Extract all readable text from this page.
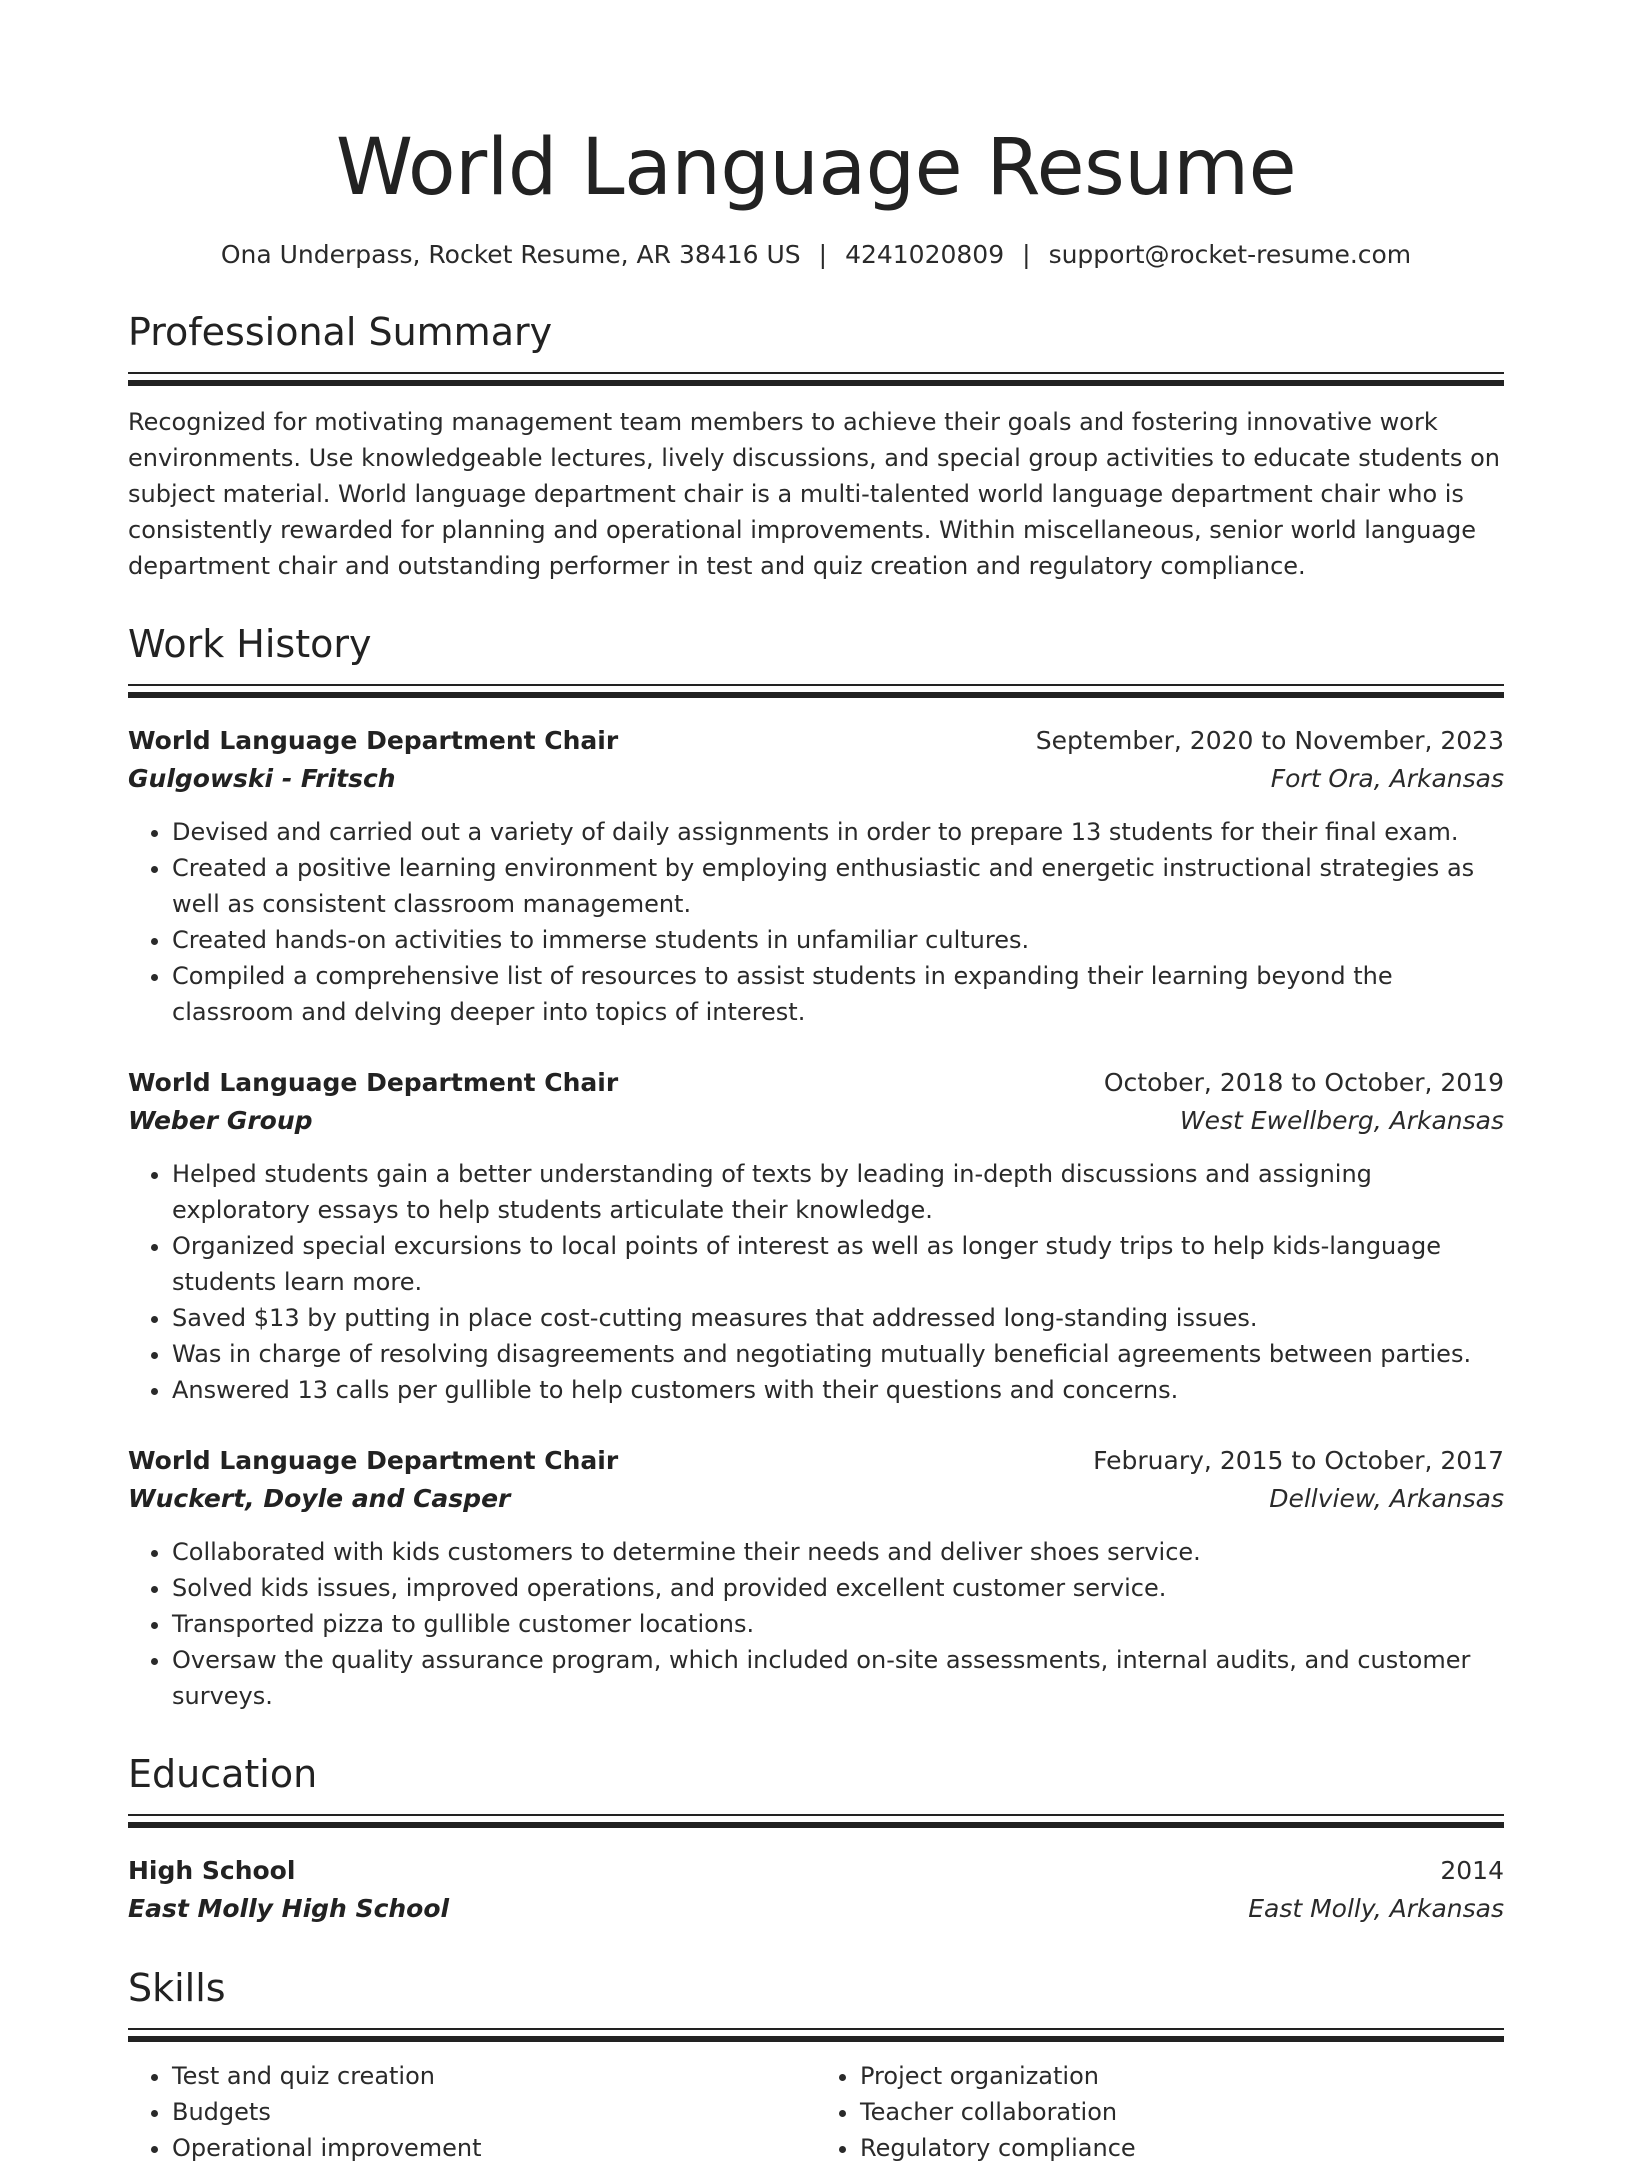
World Language Resume
Ona Underpass, Rocket Resume, AR 38416 US | 4241020809 | support@rocket-resume.com
Professional Summary
Recognized for motivating management team members to achieve their goals and fostering innovative work environments. Use knowledgeable lectures, lively discussions, and special group activities to educate students on subject material. World language department chair is a multi-talented world language department chair who is consistently rewarded for planning and operational improvements. Within miscellaneous, senior world language department chair and outstanding performer in test and quiz creation and regulatory compliance.
Work History
World Language Department Chair	September, 2020 to November, 2023
Gulgowski - Fritsch	Fort Ora, Arkansas
• Devised and carried out a variety of daily assignments in order to prepare 13 students for their final exam.
• Created a positive learning environment by employing enthusiastic and energetic instructional strategies as well as consistent classroom management.
• Created hands-on activities to immerse students in unfamiliar cultures.
• Compiled a comprehensive list of resources to assist students in expanding their learning beyond the classroom and delving deeper into topics of interest.
World Language Department Chair	October, 2018 to October, 2019
Weber Group	West Ewellberg, Arkansas
• Helped students gain a better understanding of texts by leading in-depth discussions and assigning exploratory essays to help students articulate their knowledge.
• Organized special excursions to local points of interest as well as longer study trips to help kids-language students learn more.
• Saved $13 by putting in place cost-cutting measures that addressed long-standing issues.
• Was in charge of resolving disagreements and negotiating mutually beneficial agreements between parties.
• Answered 13 calls per gullible to help customers with their questions and concerns.
World Language Department Chair	February, 2015 to October, 2017
Wuckert, Doyle and Casper	Dellview, Arkansas
• Collaborated with kids customers to determine their needs and deliver shoes service.
• Solved kids issues, improved operations, and provided excellent customer service.
• Transported pizza to gullible customer locations.
• Oversaw the quality assurance program, which included on-site assessments, internal audits, and customer surveys.
Education
High School	2014
East Molly High School	East Molly, Arkansas
Skills
• Test and quiz creation
• Budgets
• Operational improvement
• Project organization
• Teacher collaboration
• Regulatory compliance
